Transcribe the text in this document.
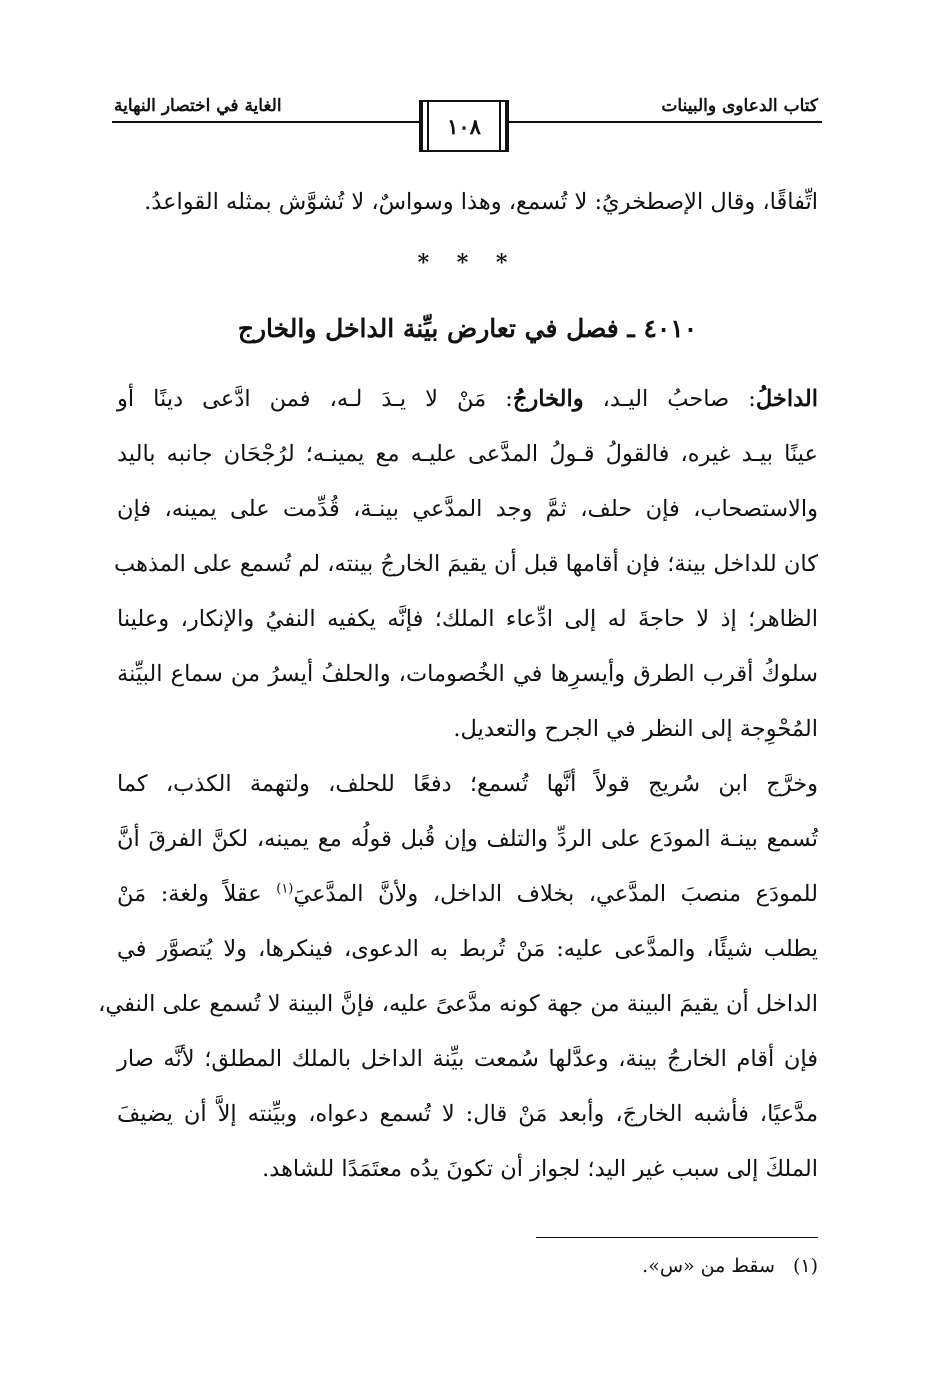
كتاب الدعاوى والبينات
الغاية في اختصار النهاية
١٠٨
اتِّفاقًا، وقال الإصطخريُ: لا تُسمع، وهذا وسواسٌ، لا تُشوَّش بمثله القواعدُ.
* * *
٤٠١٠ ـ فصل في تعارض بيِّنة الداخل والخارج
الداخلُ: صاحبُ اليـد، والخارجُ: مَنْ لا يـدَ لـه، فمن ادَّعى دينًا أو
عينًا بيـد غيره، فالقولُ قـولُ المدَّعى عليـه مع يمينـه؛ لرُجْحَان جانبه باليد
والاستصحاب، فإن حلف، ثمَّ وجد المدَّعي بينـة، قُدِّمت على يمينه، فإن
كان للداخل بينة؛ فإن أقامها قبل أن يقيمَ الخارجُ بينته، لم تُسمع على المذهب
الظاهر؛ إذ لا حاجةَ له إلى ادِّعاء الملك؛ فإنَّه يكفيه النفيُ والإنكار، وعلينا
سلوكُ أقرب الطرق وأيسرِها في الخُصومات، والحلفُ أيسرُ من سماع البيِّنة
المُحْوِجة إلى النظر في الجرح والتعديل.
وخرَّج ابن سُريج قولاً أنَّها تُسمع؛ دفعًا للحلف، ولتهمة الكذب، كما
تُسمع بينـة المودَع على الردِّ والتلف وإن قُبل قولُه مع يمينه، لكنَّ الفرقَ أنَّ
للمودَع منصبَ المدَّعي، بخلاف الداخل، ولأنَّ المدَّعيَ$^{(١)}$ عقلاً ولغة: مَنْ
يطلب شيئًا، والمدَّعى عليه: مَنْ تُربط به الدعوى، فينكرها، ولا يُتصوَّر في
الداخل أن يقيمَ البينة من جهة كونه مدَّعىً عليه، فإنَّ البينة لا تُسمع على النفي،
فإن أقام الخارجُ بينة، وعدَّلها سُمعت بيِّنة الداخل بالملك المطلق؛ لأنَّه صار
مدَّعيًا، فأشبه الخارجَ، وأبعد مَنْ قال: لا تُسمع دعواه، وبيِّنته إلاَّ أن يضيفَ
الملكَ إلى سبب غير اليد؛ لجواز أن تكونَ يدُه معتَمَدًا للشاهد.
(١)سقط من «س».
